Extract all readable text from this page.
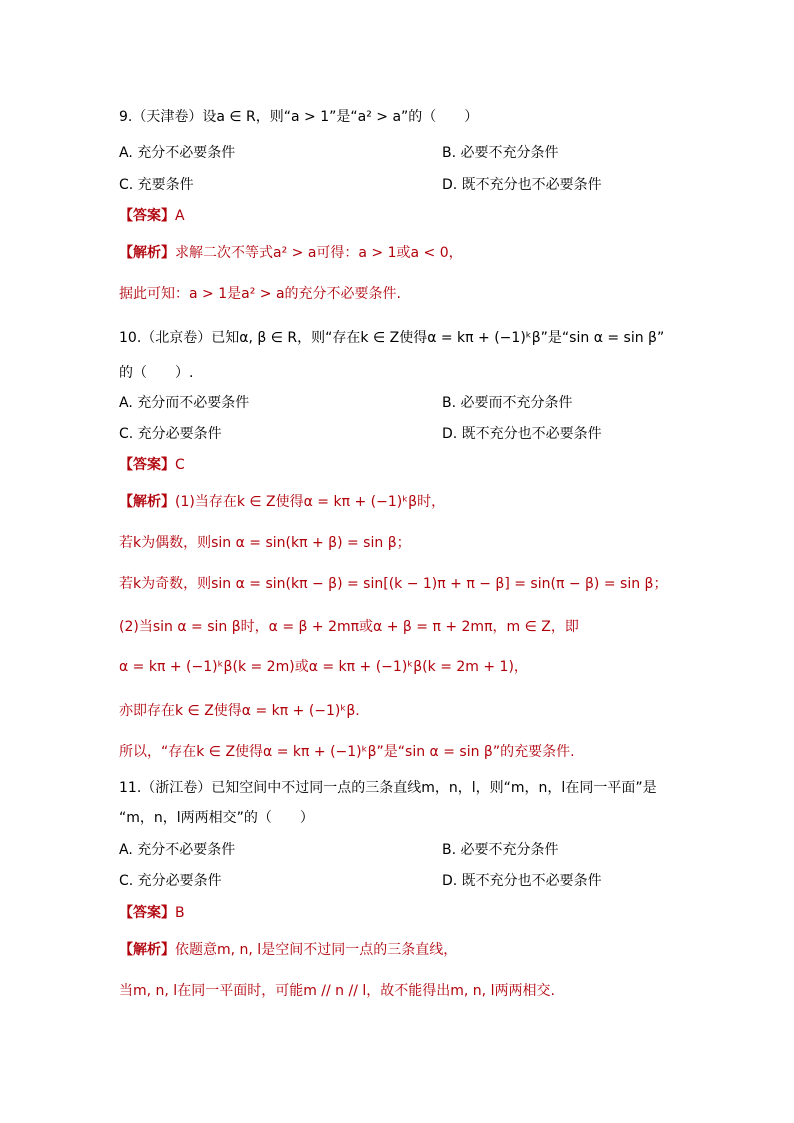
9.（天津卷）设a ∈ R，则“a > 1”是“a² > a”的（　　）
A. 充分不必要条件	B. 必要不充分条件
C. 充要条件	D. 既不充分也不必要条件
【答案】A
【解析】求解二次不等式a² > a可得：a > 1或a < 0，
据此可知：a > 1是a² > a的充分不必要条件.
10.（北京卷）已知α, β ∈ R，则“存在k ∈ Z使得α = kπ + (−1)ᵏβ”是“sin α = sin β”
的（　　）.
A. 充分而不必要条件	B. 必要而不充分条件
C. 充分必要条件	D. 既不充分也不必要条件
【答案】C
【解析】(1)当存在k ∈ Z使得α = kπ + (−1)ᵏβ时，
若k为偶数，则sin α = sin(kπ + β) = sin β；
若k为奇数，则sin α = sin(kπ − β) = sin[(k − 1)π + π − β] = sin(π − β) = sin β；
(2)当sin α = sin β时，α = β + 2mπ或α + β = π + 2mπ，m ∈ Z，即
α = kπ + (−1)ᵏβ(k = 2m)或α = kπ + (−1)ᵏβ(k = 2m + 1)，
亦即存在k ∈ Z使得α = kπ + (−1)ᵏβ.
所以，“存在k ∈ Z使得α = kπ + (−1)ᵏβ”是“sin α = sin β”的充要条件.
11.（浙江卷）已知空间中不过同一点的三条直线m，n，l，则“m，n，l在同一平面”是
“m，n，l两两相交”的（　　）
A. 充分不必要条件	B. 必要不充分条件
C. 充分必要条件	D. 既不充分也不必要条件
【答案】B
【解析】依题意m, n, l是空间不过同一点的三条直线，
当m, n, l在同一平面时，可能m // n // l，故不能得出m, n, l两两相交.
